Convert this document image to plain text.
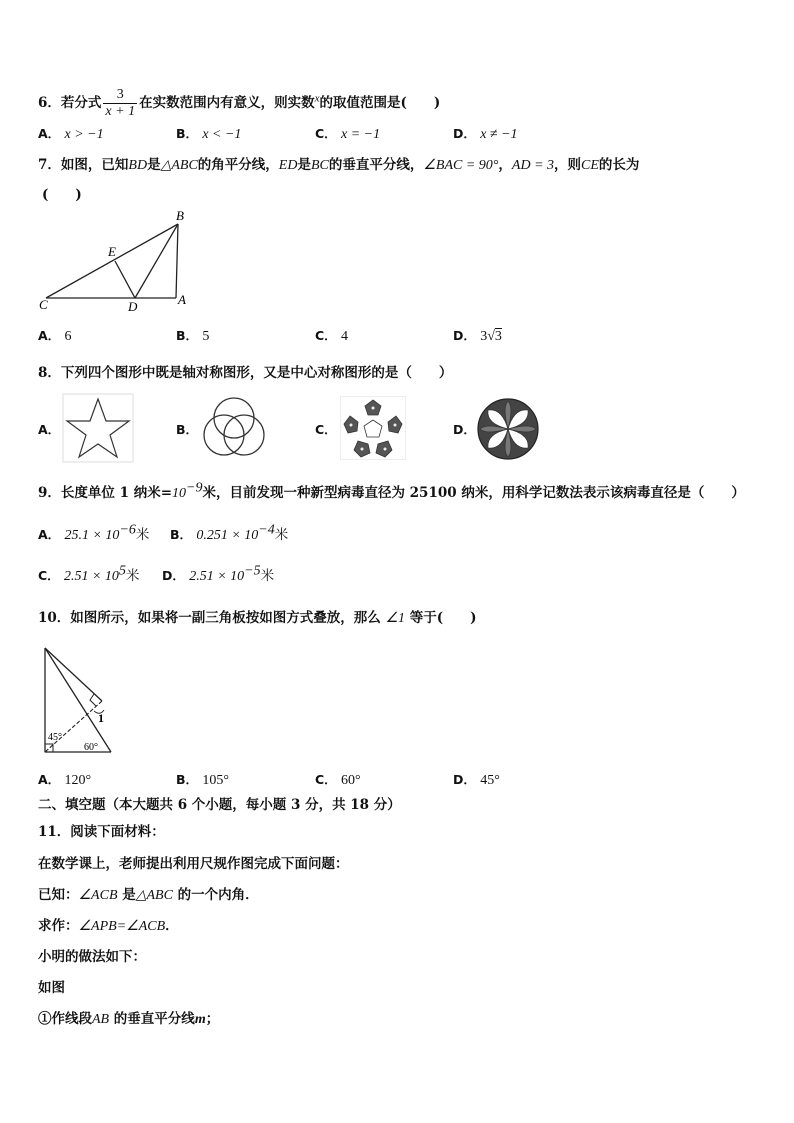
6．若分式 $\frac{3}{x + 1}$ 在实数范围内有意义，则实数$^x$的取值范围是(　　)
A． x > −1	B． x < −1	C． x = −1	D． x ≠ −1
7．如图，已知BD是△ABC的角平分线，ED是BC的垂直平分线，∠BAC = 90°，AD = 3，则CE的长为
(　　)
B
E
C	D	A
A． 6	B． 5	C． 4	D． 3√3
8．下列四个图形中既是轴对称图形，又是中心对称图形的是（　　）
A．	B．	C．	D．
9．长度单位 1 纳米$=10^{-9}$米，目前发现一种新型病毒直径为 25100 纳米，用科学记数法表示该病毒直径是（　　）
A． $25.1 \times 10^{-6}$米 B． $0.251 \times 10^{-4}$米
C． $2.51 \times 10^5$米 D． $2.51 \times 10^{-5}$米
10．如图所示，如果将一副三角板按如图方式叠放，那么 ∠1 等于(　　)
45°
60°
1
A． 120°	B． 105°	C． 60°	D． 45°
二、填空题（本大题共 6 个小题，每小题 3 分，共 18 分）
11．阅读下面材料：
在数学课上，老师提出利用尺规作图完成下面问题：
已知：∠ACB 是△ABC 的一个内角．
求作：∠APB=∠ACB．
小明的做法如下：
如图
①作线段AB 的垂直平分线m；
